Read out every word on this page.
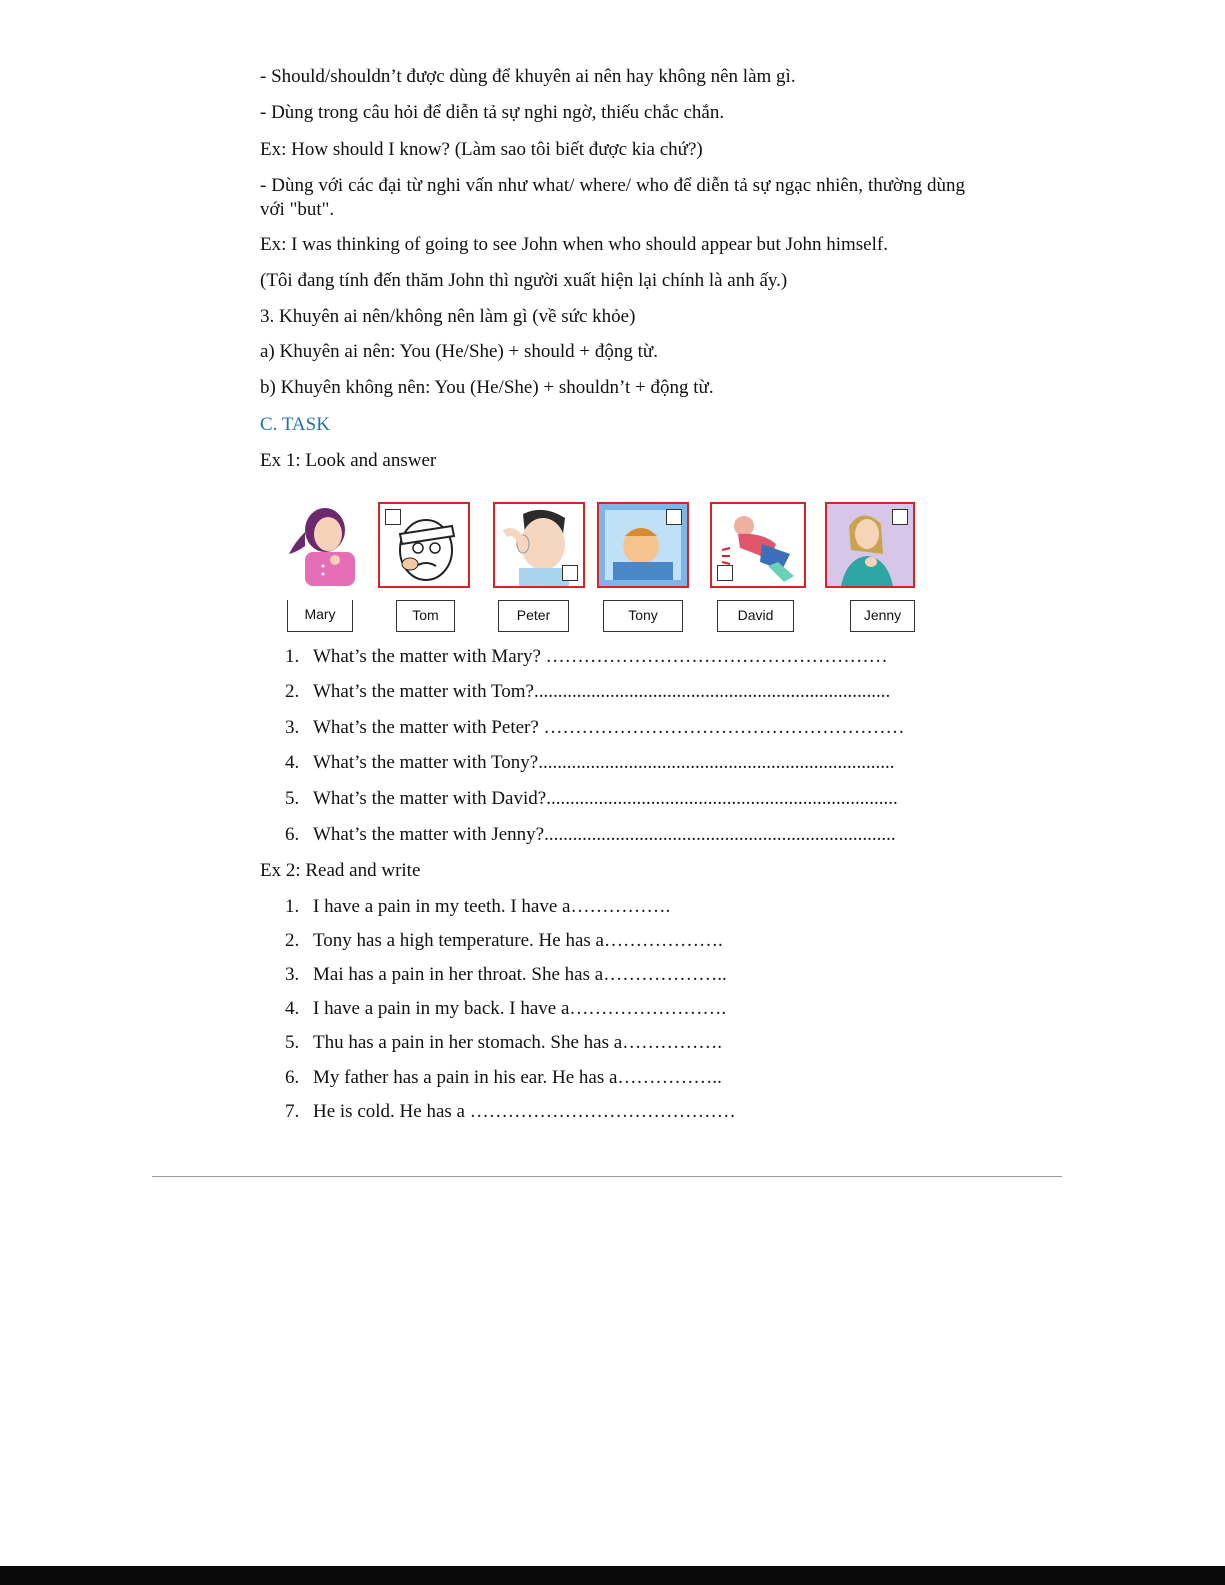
- Should/shouldn’t được dùng để khuyên ai nên hay không nên làm gì.
- Dùng trong câu hỏi để diễn tả sự nghi ngờ, thiếu chắc chắn.
Ex: How should I know? (Làm sao tôi biết được kia chứ?)
- Dùng với các đại từ nghi vấn như what/ where/ who để diễn tả sự ngạc nhiên, thường dùng với "but".
Ex: I was thinking of going to see John when who should appear but John himself.
(Tôi đang tính đến thăm John thì người xuất hiện lại chính là anh ấy.)
3. Khuyên ai nên/không nên làm gì (về sức khỏe)
a) Khuyên ai nên: You (He/She) + should + động từ.
b) Khuyên không nên: You (He/She) + shouldn’t + động từ.
C. TASK
Ex 1: Look and answer
Mary	Tom	Peter	Tony	David	Jenny
1. What’s the matter with Mary? ………………………………………………
2. What’s the matter with Tom?...........................................................................
3. What’s the matter with Peter? …………………………………………………
4. What’s the matter with Tony?...........................................................................
5. What’s the matter with David?..........................................................................
6. What’s the matter with Jenny?..........................................................................
Ex 2: Read and write
1. I have a pain in my teeth. I have a…………….
2. Tony has a high temperature. He has a……………….
3. Mai has a pain in her throat. She has a………………..
4. I have a pain in my back. I have a…………………….
5. Thu has a pain in her stomach. She has a…………….
6. My father has a pain in his ear. He has a……………..
7. He is cold. He has a ……………………………………
